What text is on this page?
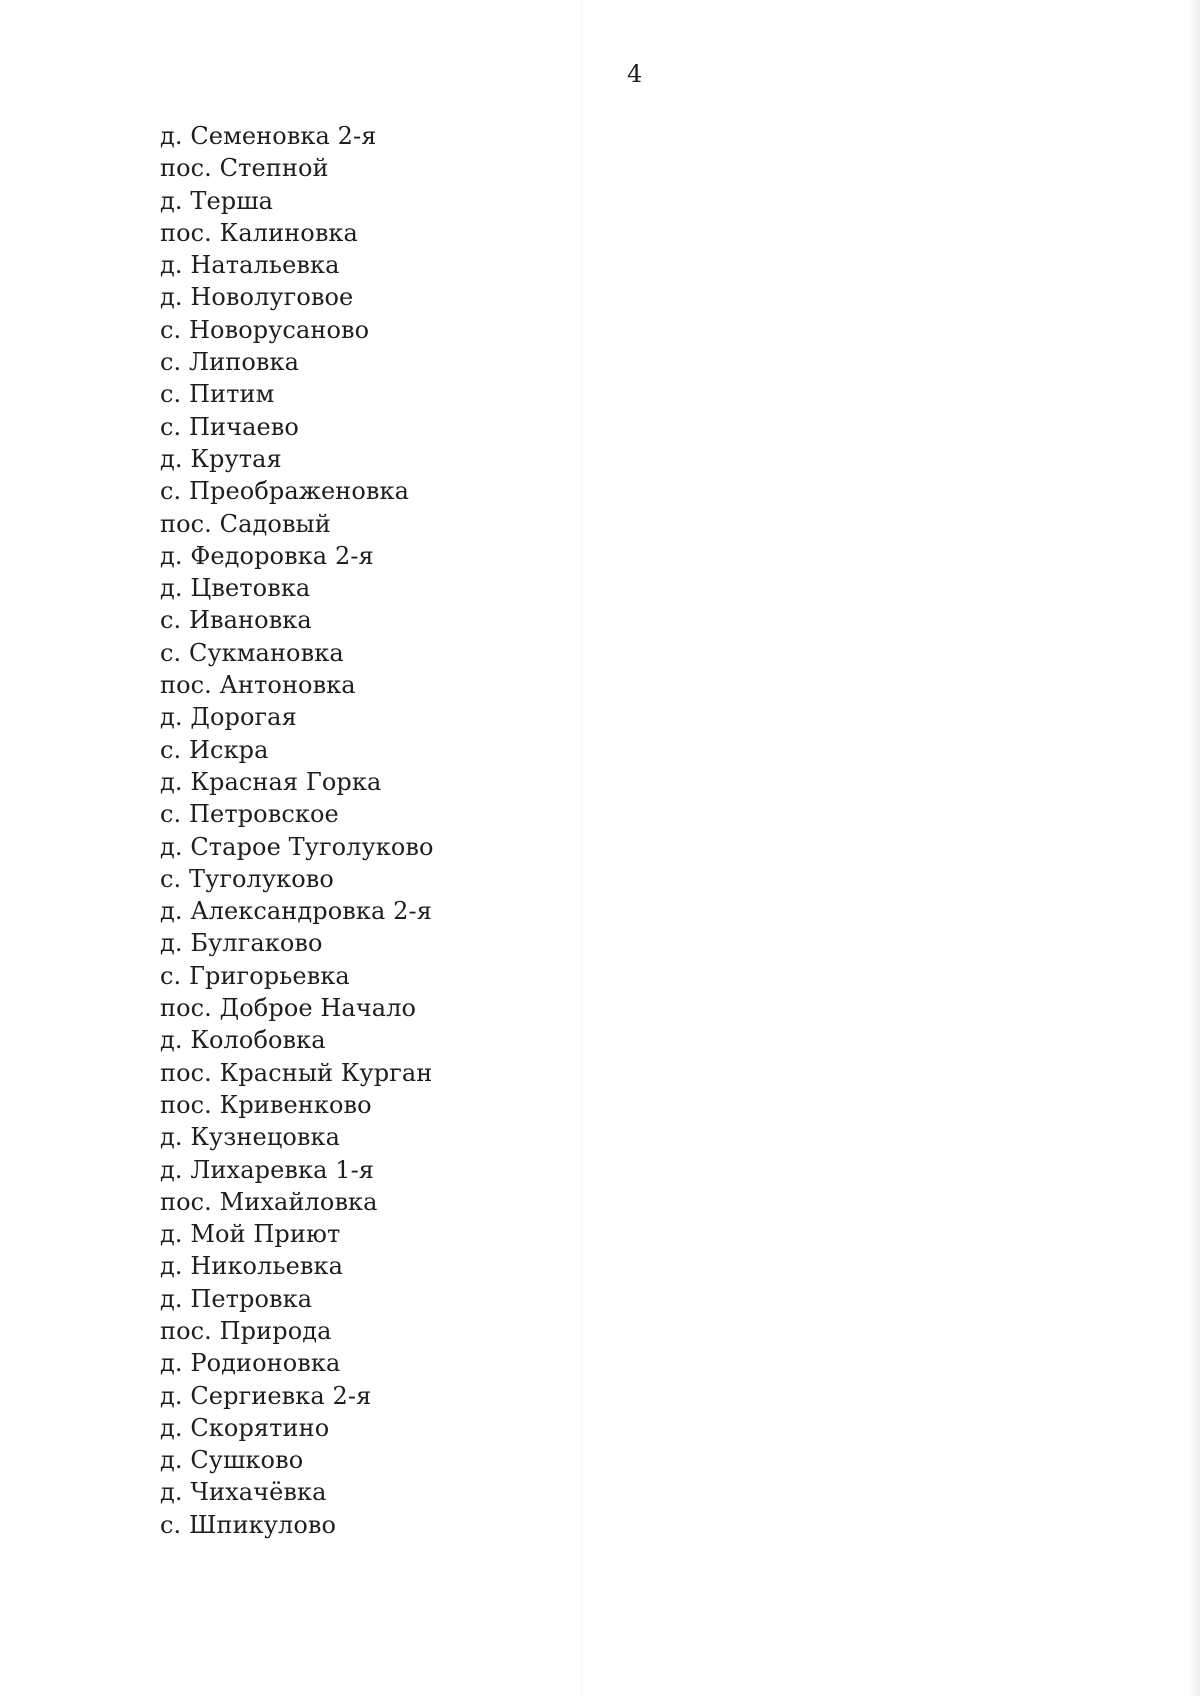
4
д. Семеновка 2-я
пос. Степной
д. Терша
пос. Калиновка
д. Натальевка
д. Новолуговое
с. Новорусаново
с. Липовка
с. Питим
с. Пичаево
д. Крутая
с. Преображеновка
пос. Садовый
д. Федоровка 2-я
д. Цветовка
с. Ивановка
с. Сукмановка
пос. Антоновка
д. Дорогая
с. Искра
д. Красная Горка
с. Петровское
д. Старое Туголуково
с. Туголуково
д. Александровка 2-я
д. Булгаково
с. Григорьевка
пос. Доброе Начало
д. Колобовка
пос. Красный Курган
пос. Кривенково
д. Кузнецовка
д. Лихаревка 1-я
пос. Михайловка
д. Мой Приют
д. Никольевка
д. Петровка
пос. Природа
д. Родионовка
д. Сергиевка 2-я
д. Скорятино
д. Сушково
д. Чихачёвка
с. Шпикулово
